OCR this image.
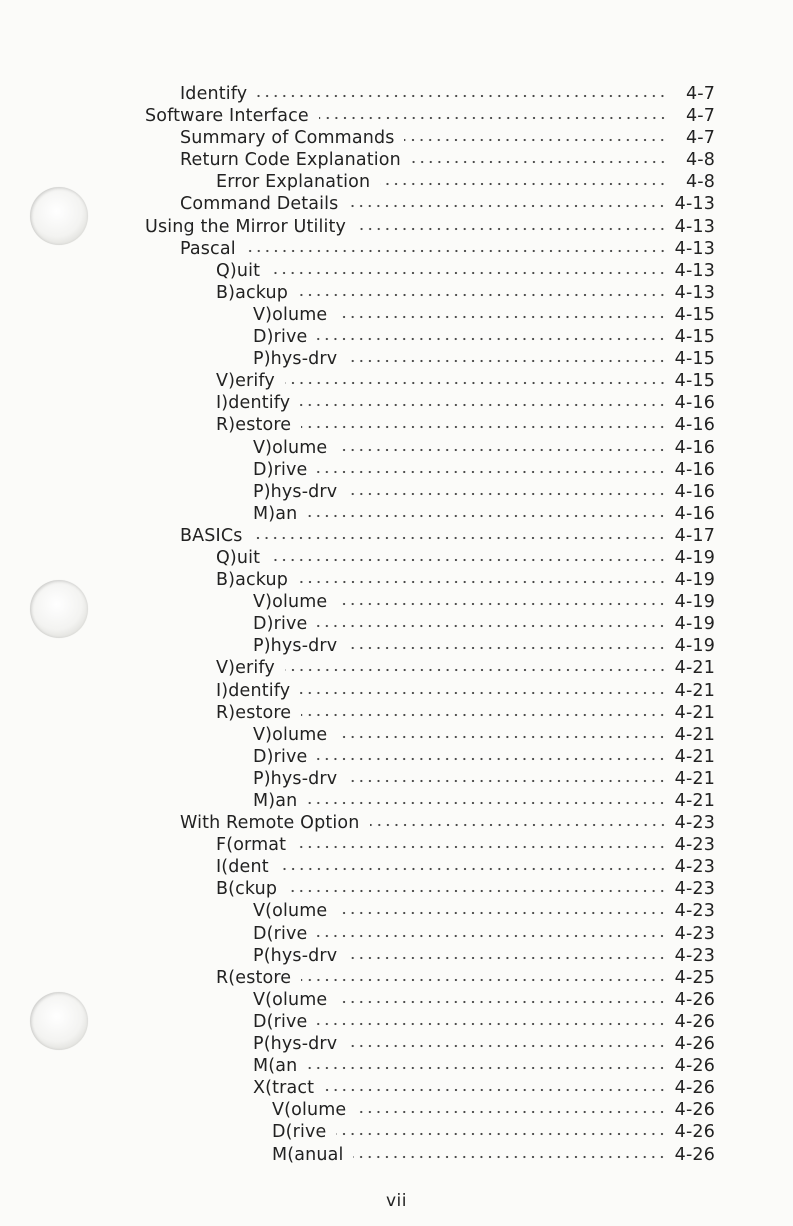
Identify	4-7
Software Interface	4-7
Summary of Commands	4-7
Return Code Explanation	4-8
Error Explanation	4-8
Command Details	4-13
Using the Mirror Utility	4-13
Pascal	4-13
Q)uit	4-13
B)ackup	4-13
V)olume	4-15
D)rive	4-15
P)hys-drv	4-15
V)erify	4-15
I)dentify	4-16
R)estore	4-16
V)olume	4-16
D)rive	4-16
P)hys-drv	4-16
M)an	4-16
BASICs	4-17
Q)uit	4-19
B)ackup	4-19
V)olume	4-19
D)rive	4-19
P)hys-drv	4-19
V)erify	4-21
I)dentify	4-21
R)estore	4-21
V)olume	4-21
D)rive	4-21
P)hys-drv	4-21
M)an	4-21
With Remote Option	4-23
F(ormat	4-23
I(dent	4-23
B(ckup	4-23
V(olume	4-23
D(rive	4-23
P(hys-drv	4-23
R(estore	4-25
V(olume	4-26
D(rive	4-26
P(hys-drv	4-26
M(an	4-26
X(tract	4-26
V(olume	4-26
D(rive	4-26
M(anual	4-26
vii
